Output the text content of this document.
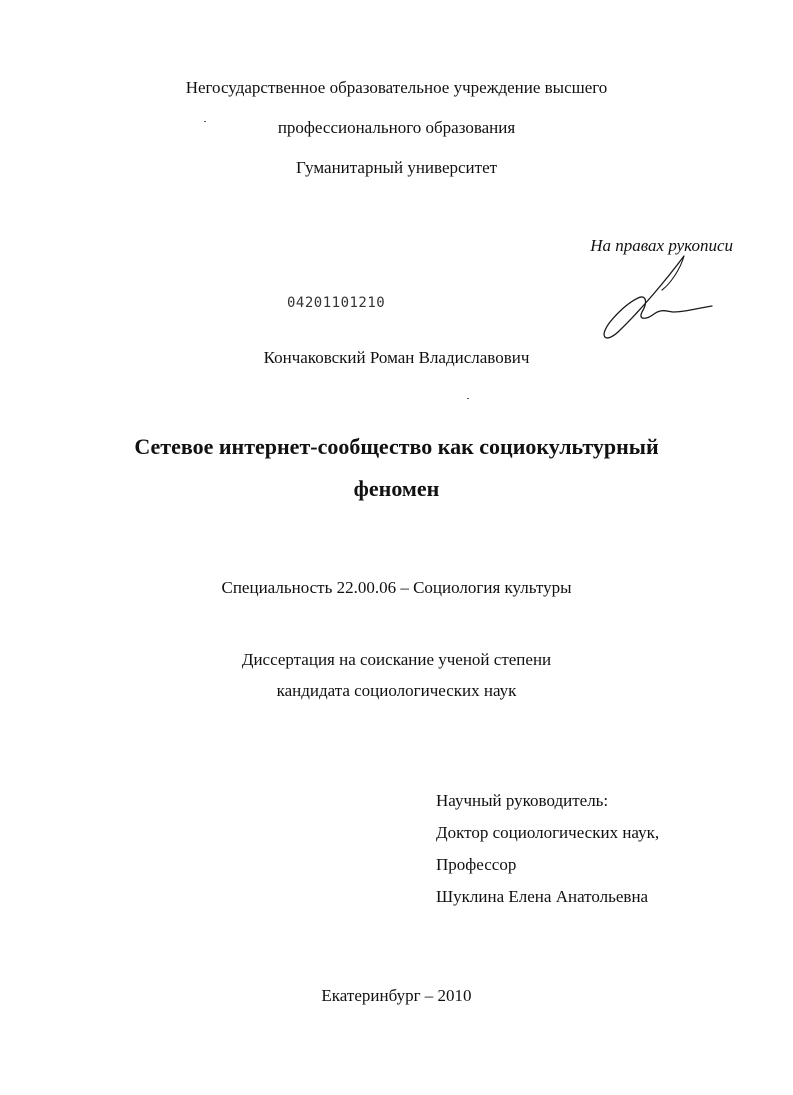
Негосударственное образовательное учреждение высшего
профессионального образования
Гуманитарный университет
На правах рукописи
04201101210
Кончаковский Роман Владиславович
Сетевое интернет-сообщество как социокультурный
феномен
Специальность 22.00.06 – Социология культуры
Диссертация на соискание ученой степени
кандидата социологических наук
Научный руководитель:
Доктор социологических наук,
Профессор
Шуклина Елена Анатольевна
Екатеринбург – 2010
